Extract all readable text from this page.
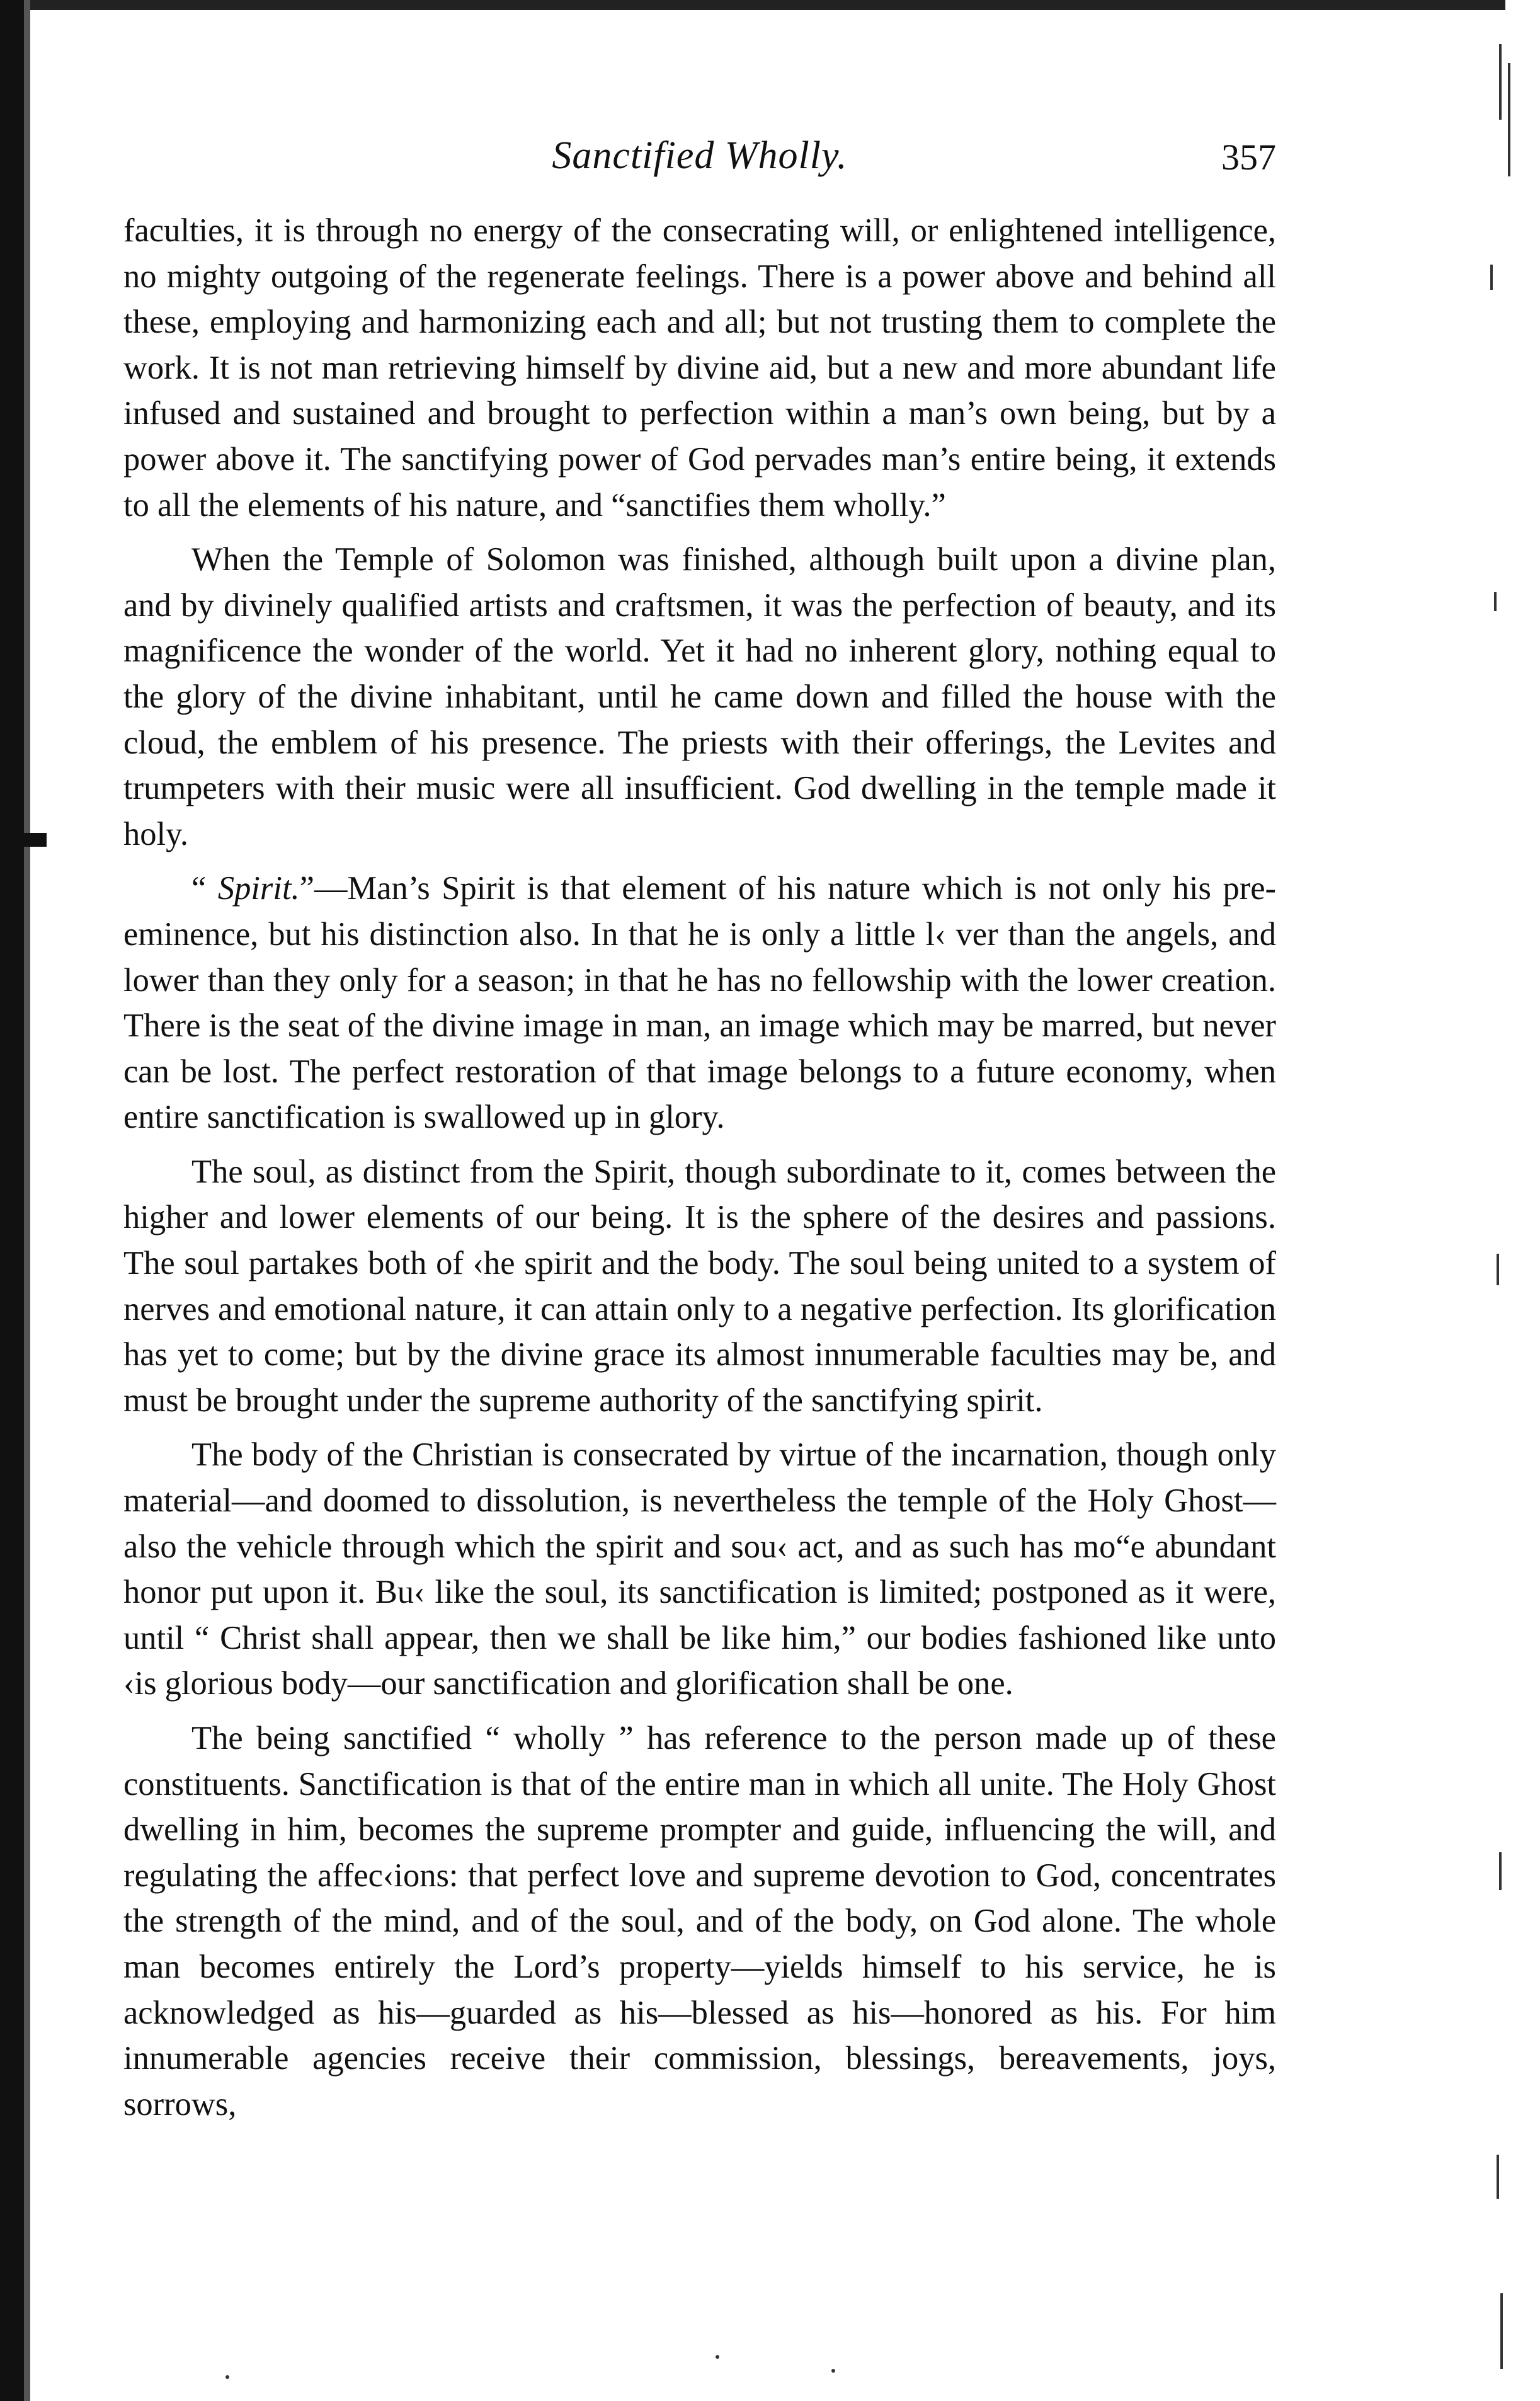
Sanctified Wholly.	357

faculties, it is through no energy of the consecrating will, or enlightened intelligence, no mighty outgoing of the regenerate feelings. There is a power above and behind all these, employing and harmonizing each and all; but not trusting them to complete the work. It is not man retrieving himself by divine aid, but a new and more abundant life infused and sustained and brought to perfection within a man’s own being, but by a power above it. The sanctifying power of God pervades man’s entire being, it extends to all the elements of his nature, and “sanctifies them wholly.”

When the Temple of Solomon was finished, although built upon a divine plan, and by divinely qualified artists and craftsmen, it was the perfection of beauty, and its magnificence the wonder of the world. Yet it had no inherent glory, nothing equal to the glory of the divine inhabitant, until he came down and filled the house with the cloud, the emblem of his presence. The priests with their offerings, the Levites and trumpeters with their music were all insufficient. God dwelling in the temple made it holy.

“ Spirit.”—Man’s Spirit is that element of his nature which is not only his pre-eminence, but his distinction also. In that he is only a little l‹ ver than the angels, and lower than they only for a season; in that he has no fellowship with the lower creation. There is the seat of the divine image in man, an image which may be marred, but never can be lost. The perfect restoration of that image belongs to a future economy, when entire sanctification is swallowed up in glory.

The soul, as distinct from the Spirit, though subordinate to it, comes between the higher and lower elements of our being. It is the sphere of the desires and passions. The soul partakes both of ‹he spirit and the body. The soul being united to a system of nerves and emotional nature, it can attain only to a negative perfection. Its glorification has yet to come; but by the divine grace its almost innumerable faculties may be, and must be brought under the supreme authority of the sanctifying spirit.

The body of the Christian is consecrated by virtue of the incarnation, though only material—and doomed to dissolution, is nevertheless the temple of the Holy Ghost—also the vehicle through which the spirit and sou‹ act, and as such has mo“e abundant honor put upon it. Bu‹ like the soul, its sanctification is limited; postponed as it were, until “ Christ shall appear, then we shall be like him,” our bodies fashioned like unto ‹is glorious body—our sanctification and glorification shall be one.

The being sanctified “ wholly ” has reference to the person made up of these constituents. Sanctification is that of the entire man in which all unite. The Holy Ghost dwelling in him, becomes the supreme prompter and guide, influencing the will, and regulating the affec‹ions: that perfect love and supreme devotion to God, concentrates the strength of the mind, and of the soul, and of the body, on God alone. The whole man becomes entirely the Lord’s property—yields himself to his service, he is acknowledged as his—guarded as his—blessed as his—honored as his. For him innumerable agencies receive their commission, blessings, bereavements, joys, sorrows,
